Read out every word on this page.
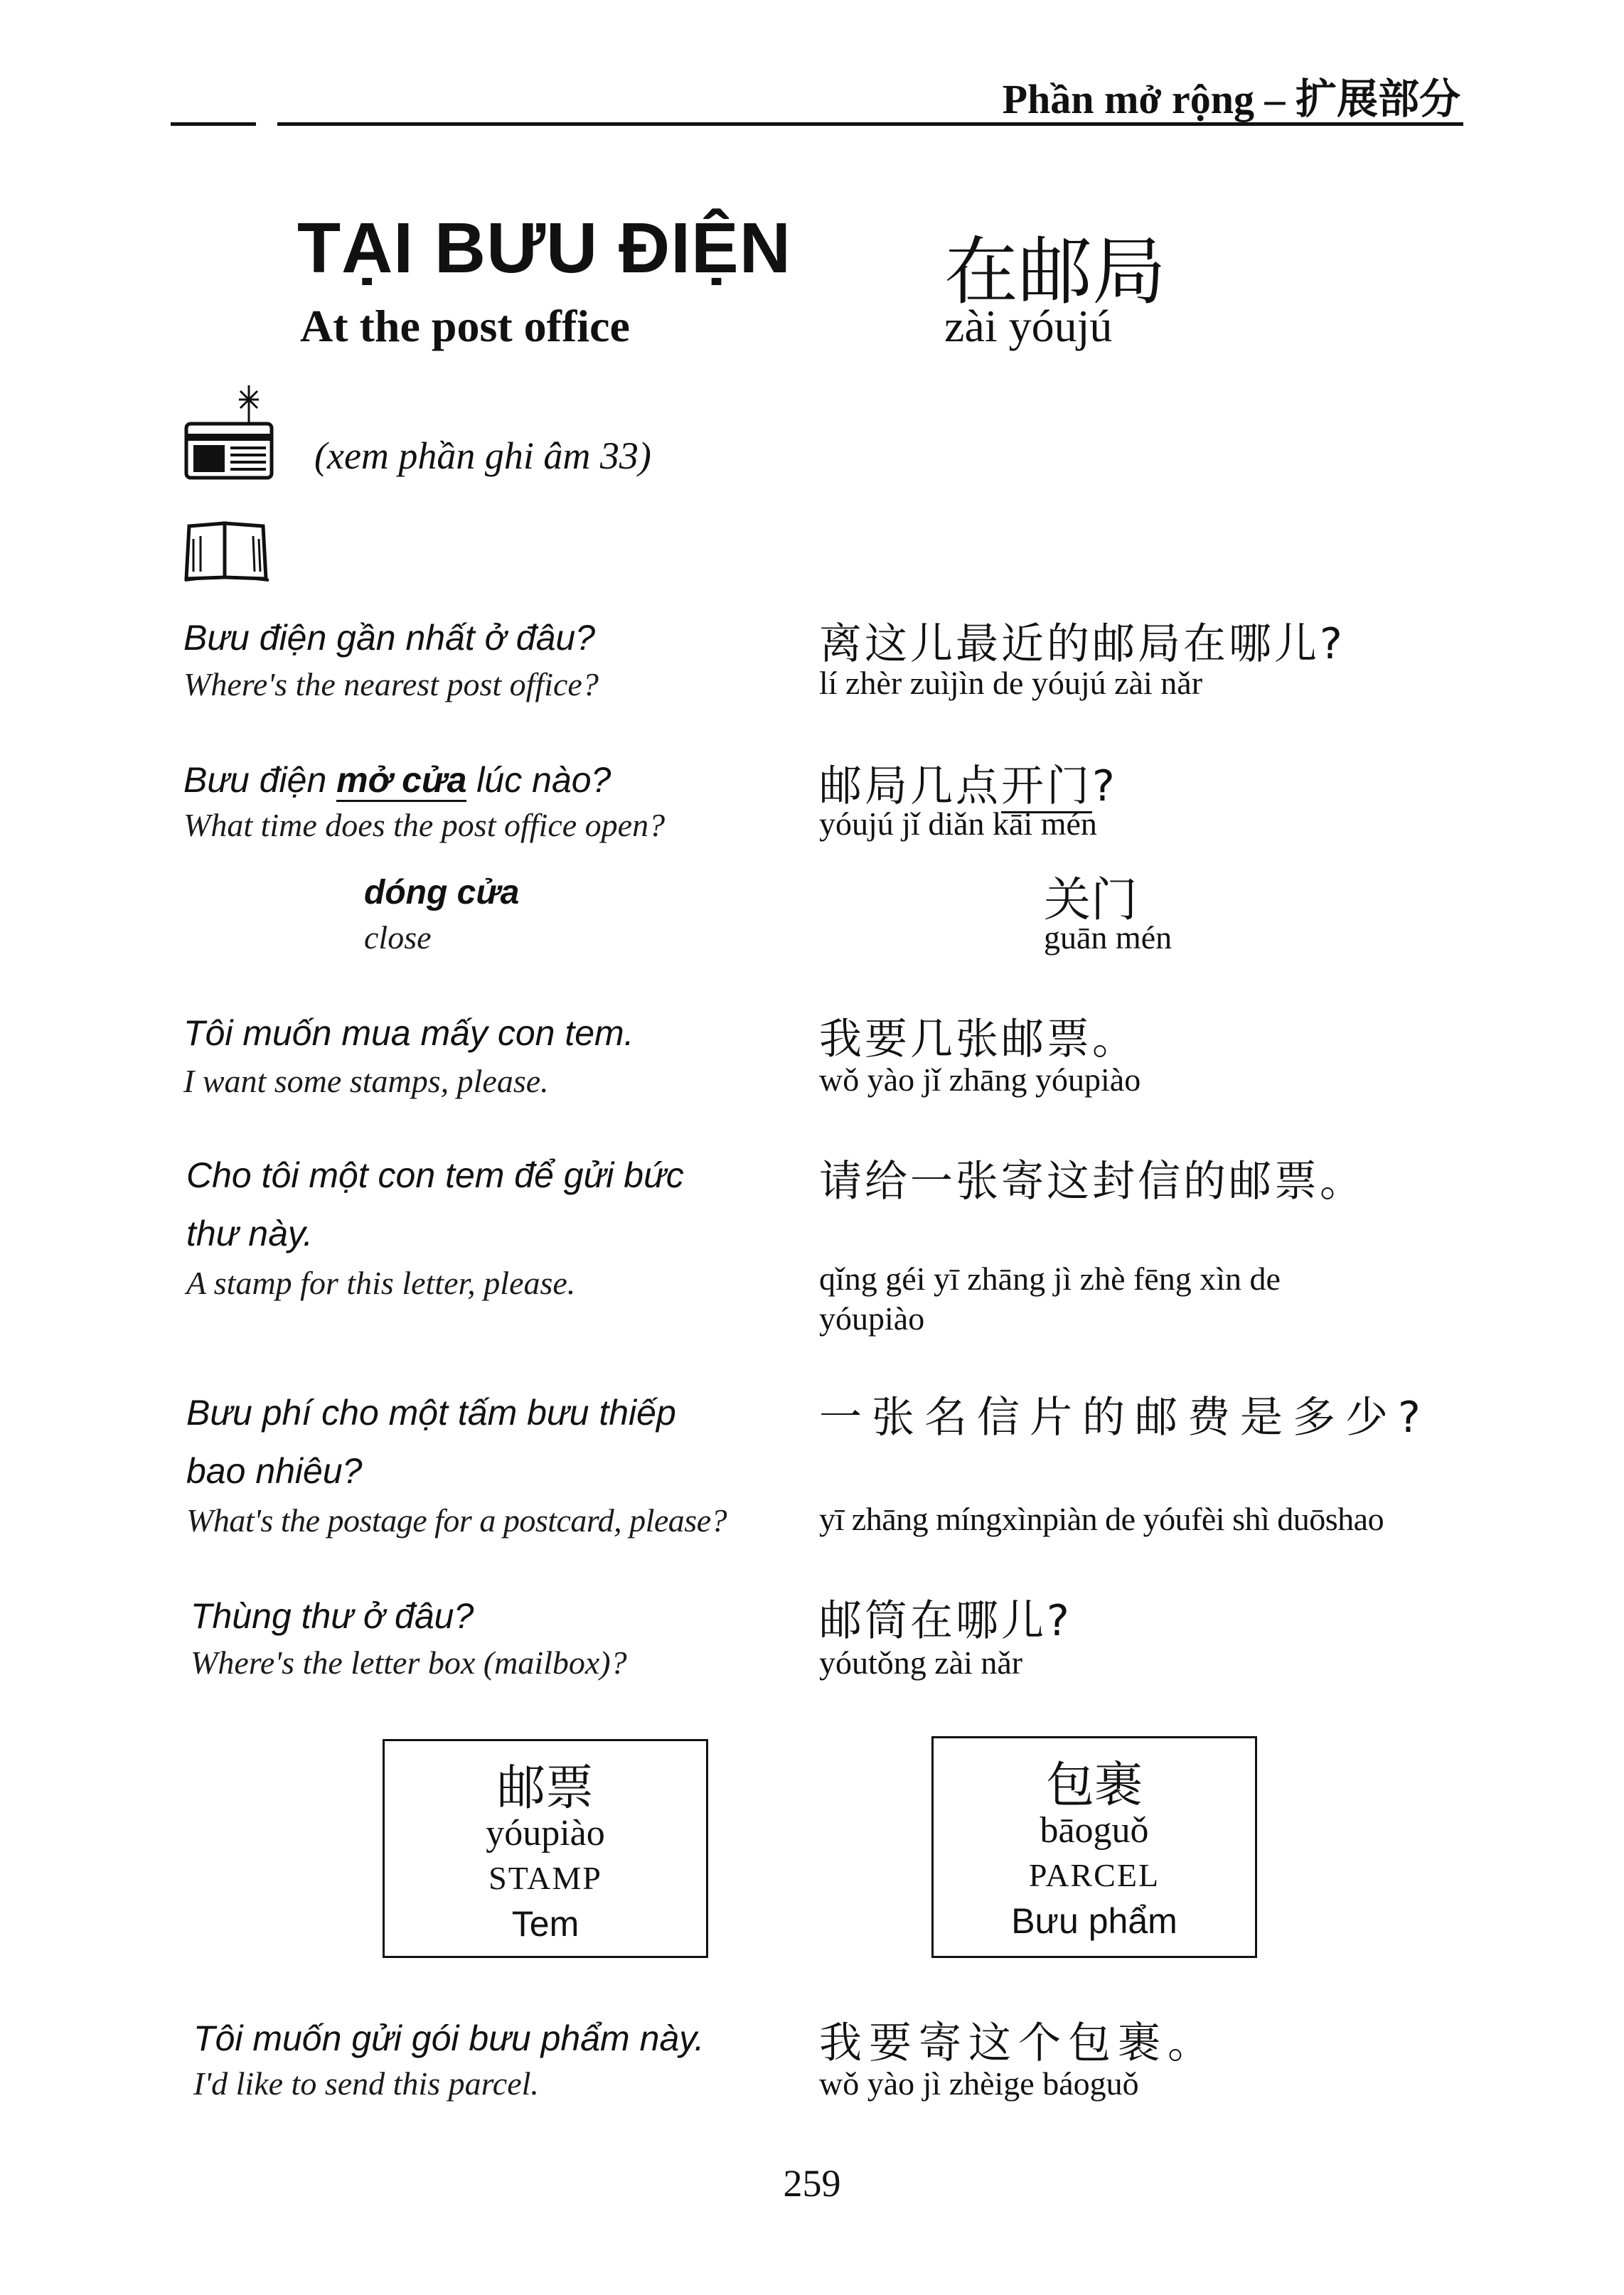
Phần mở rộng – 扩展部分
TẠI BƯU ĐIỆN
At the post office
在邮局
zài yóujú
(xem phần ghi âm 33)
Bưu điện gần nhất ở đâu?
Where's the nearest post office?
离这儿最近的邮局在哪儿?
lí zhèr zuìjìn de yóujú zài nǎr
Bưu điện mở cửa lúc nào?
What time does the post office open?
邮局几点开门?
yóujú jǐ diǎn kāi mén
dóng cửa
close
关门
guān mén
Tôi muốn mua mấy con tem.
I want some stamps, please.
我要几张邮票。
wǒ yào jǐ zhāng yóupiào
Cho tôi một con tem để gửi bức
thư này.
A stamp for this letter, please.
请给一张寄这封信的邮票。
qǐng géi yī zhāng jì zhè fēng xìn de
yóupiào
Bưu phí cho một tấm bưu thiếp
bao nhiêu?
What's the postage for a postcard, please?
一张名信片的邮费是多少?
yī zhāng míngxìnpiàn de yóufèi shì duōshao
Thùng thư ở đâu?
Where's the letter box (mailbox)?
邮筒在哪儿?
yóutǒng zài nǎr
邮票
yóupiào
STAMP
Tem
包裹
bāoguǒ
PARCEL
Bưu phẩm
Tôi muốn gửi gói bưu phẩm này.
I'd like to send this parcel.
我要寄这个包裹。
wǒ yào jì zhèige báoguǒ
259
